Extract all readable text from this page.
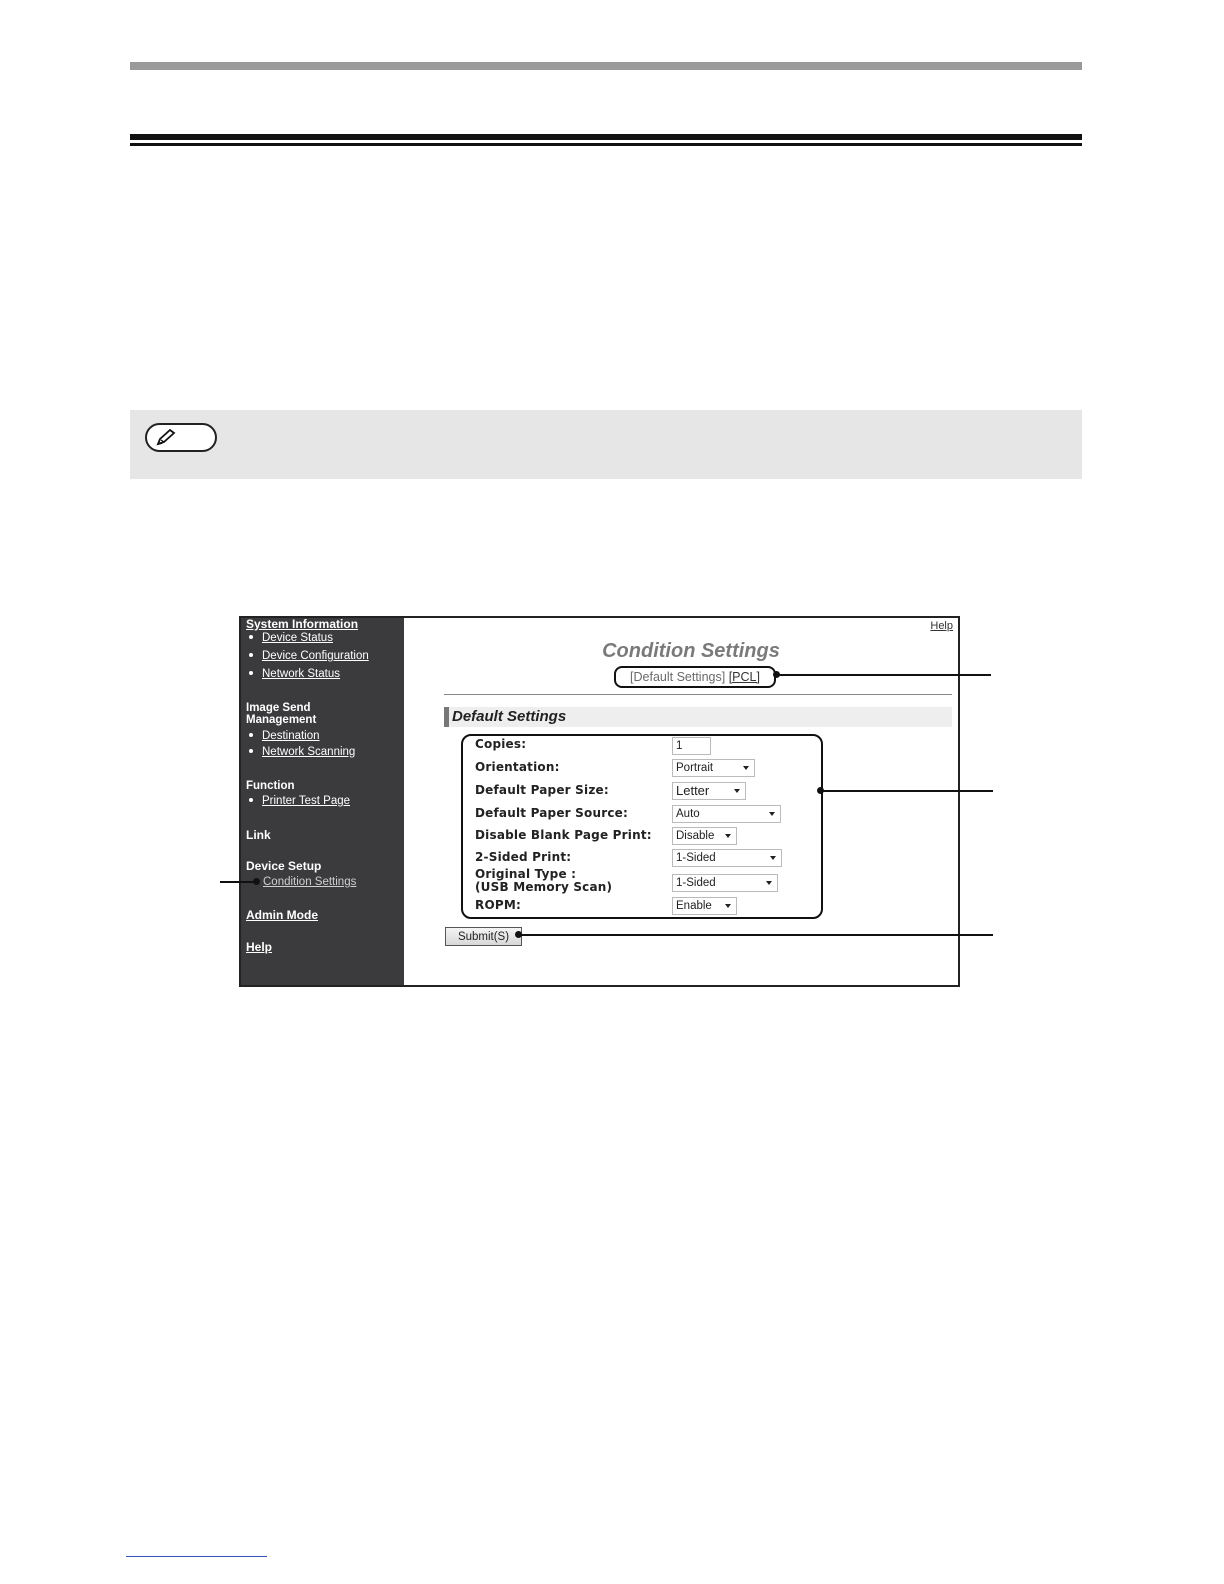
System Information
Device Status
Device Configuration
Network Status
Image Send
Management
Destination
Network Scanning
Function
Printer Test Page
Link
Device Setup
Condition Settings
Admin Mode
Help
Help
Condition Settings
[Default Settings] [PCL]
Default Settings
Copies:	1
Orientation:	Portrait
Default Paper Size:	Letter
Default Paper Source:	Auto
Disable Blank Page Print:	Disable
2-Sided Print:	1-Sided
Original Type :
(USB Memory Scan)	1-Sided
ROPM:	Enable
Submit(S)
